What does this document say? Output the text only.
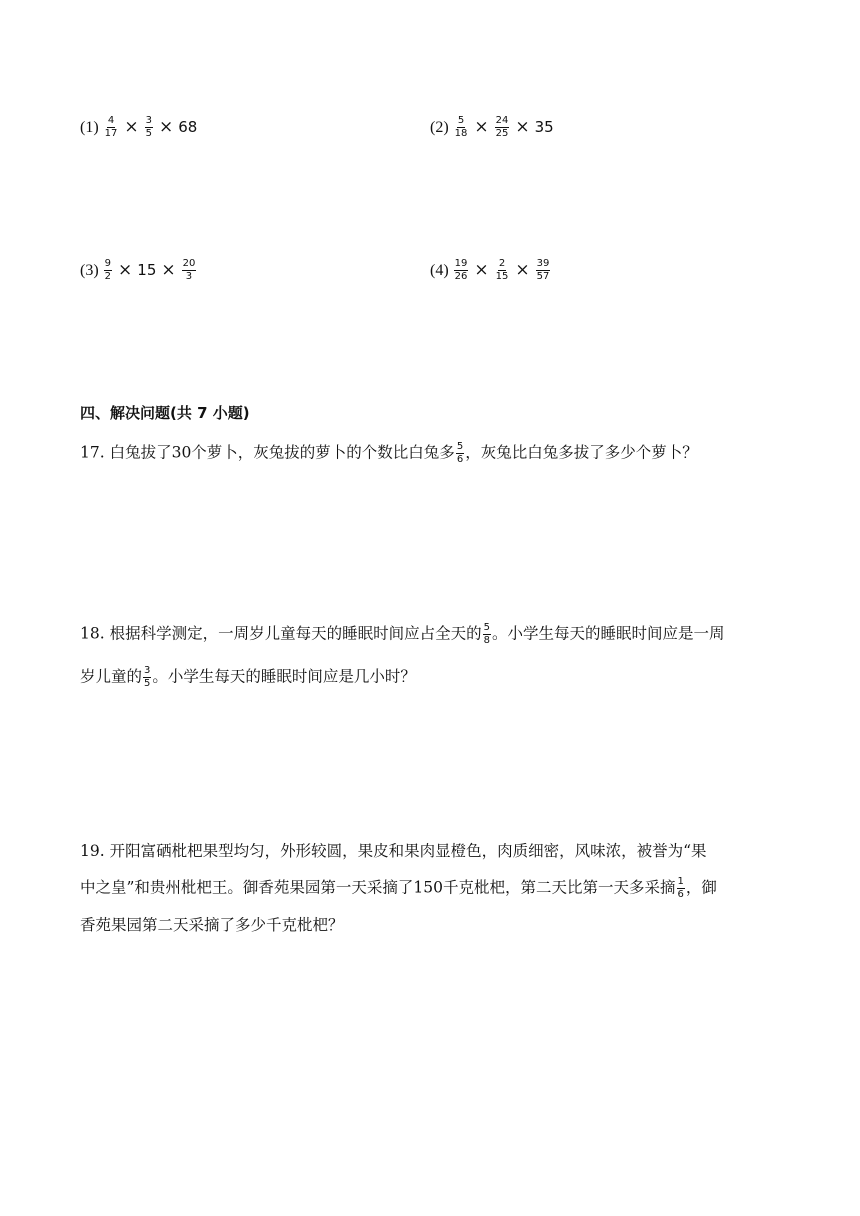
$(1) \frac{4}{17} \times \frac{3}{5} \times 68$	$(2) \frac{5}{18} \times \frac{24}{25} \times 35$
$(3) \frac{9}{2} \times 15 \times \frac{20}{3}$	$(4) \frac{19}{26} \times \frac{2}{15} \times \frac{39}{57}$
四、解决问题(共 7 小题)
17. 白兔拔了30个萝卜，灰兔拔的萝卜的个数比白兔多 $\frac{5}{6}$ ，灰兔比白兔多拔了多少个萝卜？
18. 根据科学测定，一周岁儿童每天的睡眠时间应占全天的 $\frac{5}{8}$ 。小学生每天的睡眠时间应是一周
岁儿童的 $\frac{3}{5}$ 。小学生每天的睡眠时间应是几小时？
19. 开阳富硒枇杷果型均匀，外形较圆，果皮和果肉显橙色，肉质细密，风味浓，被誉为“果
中之皇”和贵州枇杷王。御香苑果园第一天采摘了150千克枇杷，第二天比第一天多采摘 $\frac{1}{6}$ ，御
香苑果园第二天采摘了多少千克枇杷？
